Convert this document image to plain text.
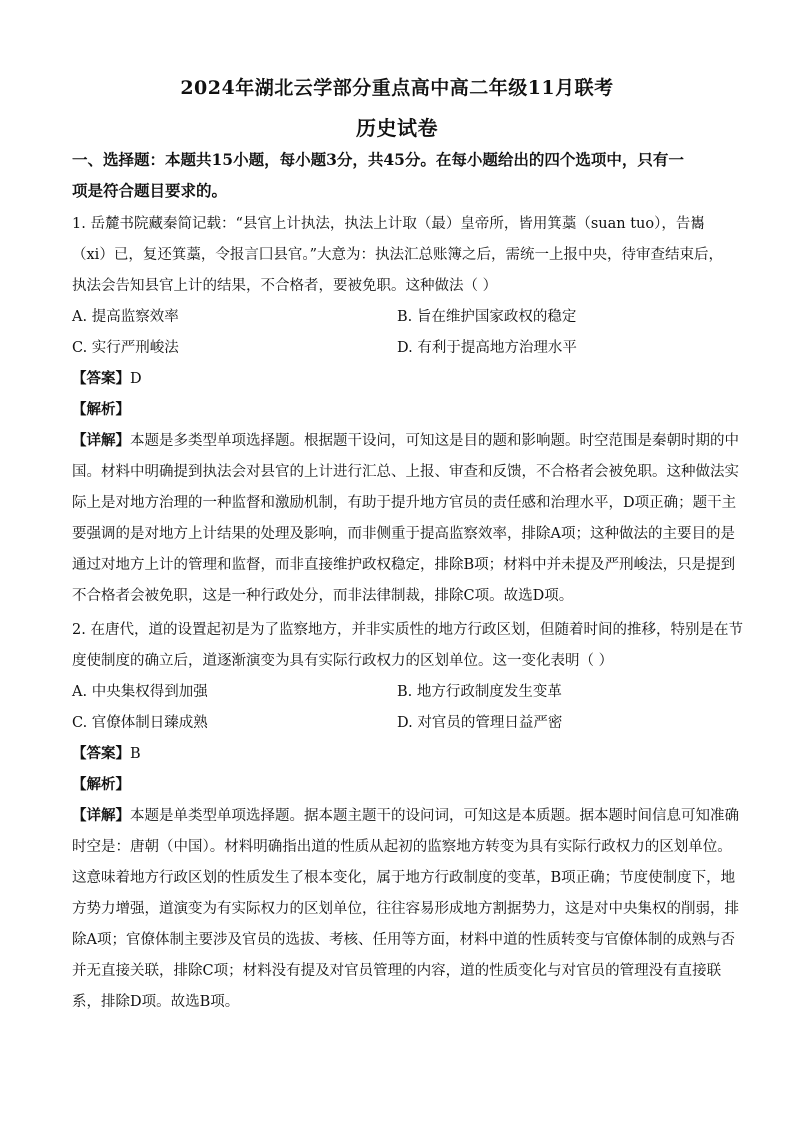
2024年湖北云学部分重点高中高二年级11月联考
历史试卷
一、选择题：本题共15小题，每小题3分，共45分。在每小题给出的四个选项中，只有一
项是符合题目要求的。
1. 岳麓书院藏秦简记载：“县官上计执法，执法上计取（最）皇帝所，皆用箕藁（suan tuo），告巂
（xi）已，复还箕藁，令报言囗县官。”大意为：执法汇总账簿之后，需统一上报中央，待审查结束后，
执法会告知县官上计的结果，不合格者，要被免职。这种做法（ ）
A. 提高监察效率	B. 旨在维护国家政权的稳定
C. 实行严刑峻法	D. 有利于提高地方治理水平
【答案】D
【解析】
【详解】本题是多类型单项选择题。根据题干设问，可知这是目的题和影响题。时空范围是秦朝时期的中
国。材料中明确提到执法会对县官的上计进行汇总、上报、审查和反馈，不合格者会被免职。这种做法实
际上是对地方治理的一种监督和激励机制，有助于提升地方官员的责任感和治理水平，D项正确；题干主
要强调的是对地方上计结果的处理及影响，而非侧重于提高监察效率，排除A项；这种做法的主要目的是
通过对地方上计的管理和监督，而非直接维护政权稳定，排除B项；材料中并未提及严刑峻法，只是提到
不合格者会被免职，这是一种行政处分，而非法律制裁，排除C项。故选D项。
2. 在唐代，道的设置起初是为了监察地方，并非实质性的地方行政区划，但随着时间的推移，特别是在节
度使制度的确立后，道逐渐演变为具有实际行政权力的区划单位。这一变化表明（ ）
A. 中央集权得到加强	B. 地方行政制度发生变革
C. 官僚体制日臻成熟	D. 对官员的管理日益严密
【答案】B
【解析】
【详解】本题是单类型单项选择题。据本题主题干的设问词，可知这是本质题。据本题时间信息可知准确
时空是：唐朝（中国）。材料明确指出道的性质从起初的监察地方转变为具有实际行政权力的区划单位。
这意味着地方行政区划的性质发生了根本变化，属于地方行政制度的变革，B项正确；节度使制度下，地
方势力增强，道演变为有实际权力的区划单位，往往容易形成地方割据势力，这是对中央集权的削弱，排
除A项；官僚体制主要涉及官员的选拔、考核、任用等方面，材料中道的性质转变与官僚体制的成熟与否
并无直接关联，排除C项；材料没有提及对官员管理的内容，道的性质变化与对官员的管理没有直接联
系，排除D项。故选B项。
